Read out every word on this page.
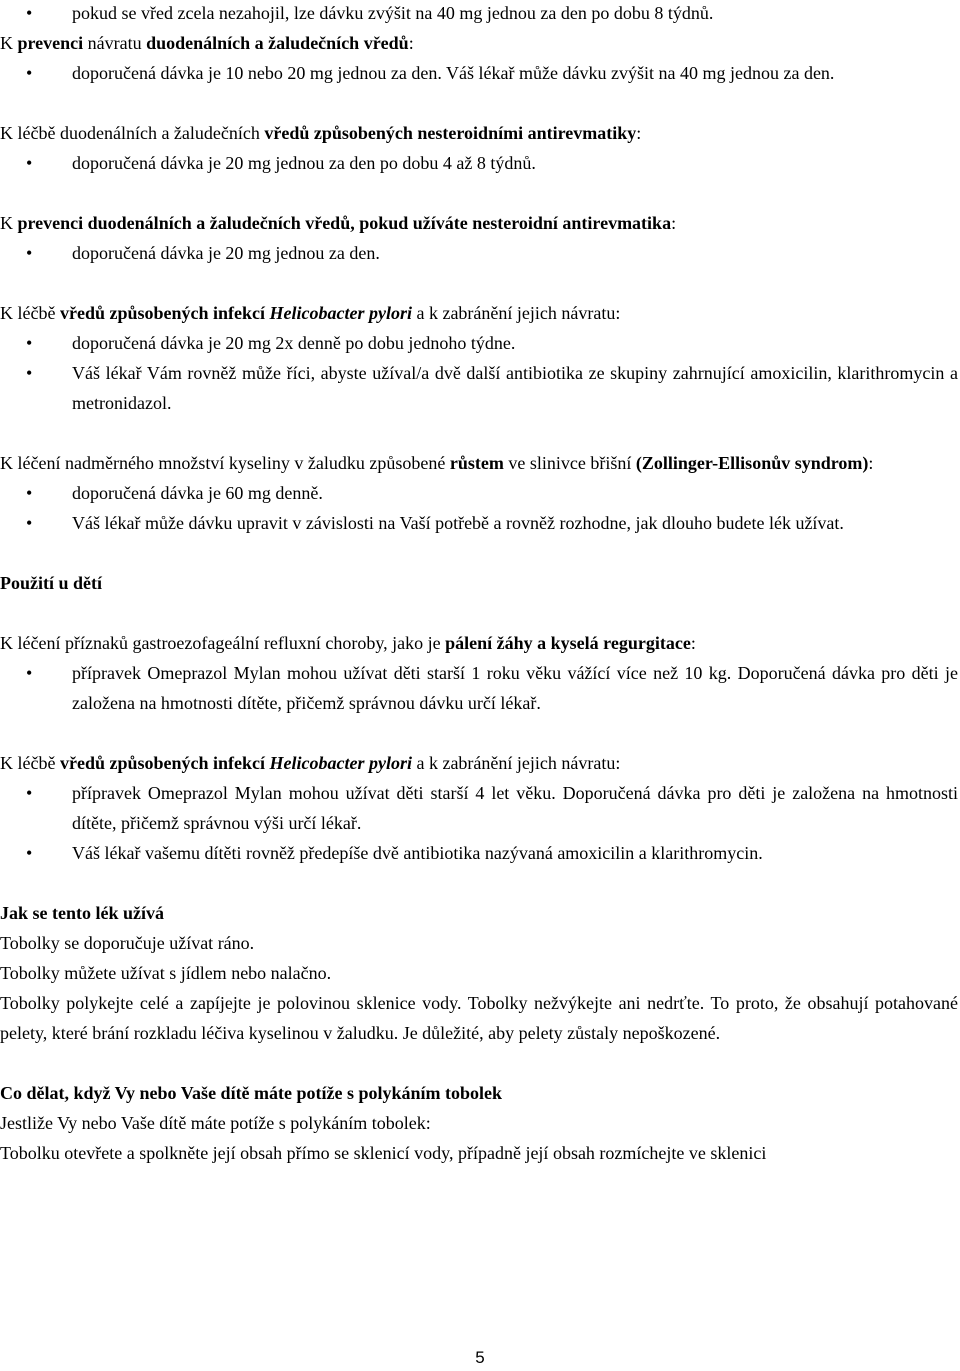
• pokud se vřed zcela nezahojil, lze dávku zvýšit na 40 mg jednou za den po dobu 8 týdnů.

K prevenci návratu duodenálních a žaludečních vředů:

• doporučená dávka je 10 nebo 20 mg jednou za den. Váš lékař může dávku zvýšit na 40 mg jednou za den.

K léčbě duodenálních a žaludečních vředů způsobených nesteroidními antirevmatiky:

• doporučená dávka je 20 mg jednou za den po dobu 4 až 8 týdnů.

K prevenci duodenálních a žaludečních vředů, pokud užíváte nesteroidní antirevmatika:

• doporučená dávka je 20 mg jednou za den.

K léčbě vředů způsobených infekcí Helicobacter pylori a k zabránění jejich návratu:

• doporučená dávka je 20 mg 2x denně po dobu jednoho týdne.
• Váš lékař Vám rovněž může říci, abyste užíval/a dvě další antibiotika ze skupiny zahrnující amoxicilin, klarithromycin a metronidazol.

K léčení nadměrného množství kyseliny v žaludku způsobené růstem ve slinivce břišní (Zollinger-Ellisonův syndrom):

• doporučená dávka je 60 mg denně.
• Váš lékař může dávku upravit v závislosti na Vaší potřebě a rovněž rozhodne, jak dlouho budete lék užívat.

Použití u dětí

K léčení příznaků gastroezofageální refluxní choroby, jako je pálení žáhy a kyselá regurgitace:

• přípravek Omeprazol Mylan mohou užívat děti starší 1 roku věku vážící více než 10 kg. Doporučená dávka pro děti je založena na hmotnosti dítěte, přičemž správnou dávku určí lékař.

K léčbě vředů způsobených infekcí Helicobacter pylori a k zabránění jejich návratu:

• přípravek Omeprazol Mylan mohou užívat děti starší 4 let věku. Doporučená dávka pro děti je založena na hmotnosti dítěte, přičemž správnou výši určí lékař.
• Váš lékař vašemu dítěti rovněž předepíše dvě antibiotika nazývaná amoxicilin a klarithromycin.

Jak se tento lék užívá

Tobolky se doporučuje užívat ráno.

Tobolky můžete užívat s jídlem nebo nalačno.

Tobolky polykejte celé a zapíjejte je polovinou sklenice vody. Tobolky nežvýkejte ani nedrťte. To proto, že obsahují potahované pelety, které brání rozkladu léčiva kyselinou v žaludku. Je důležité, aby pelety zůstaly nepoškozené.

Co dělat, když Vy nebo Vaše dítě máte potíže s polykáním tobolek

Jestliže Vy nebo Vaše dítě máte potíže s polykáním tobolek:

Tobolku otevřete a spolkněte její obsah přímo se sklenicí vody, případně její obsah rozmíchejte ve sklenici

5
